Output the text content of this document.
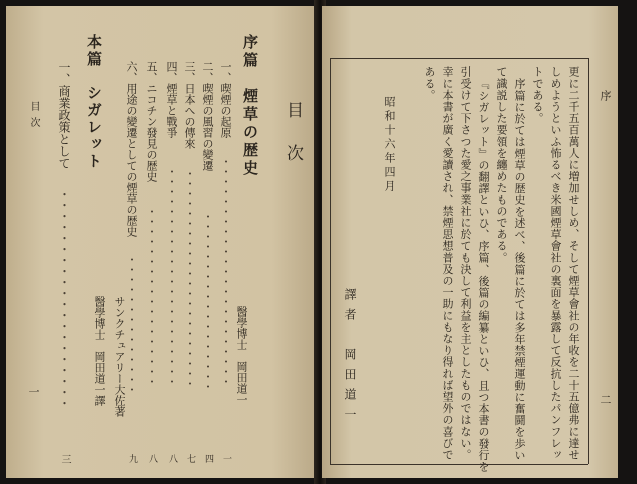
目次
一
本篇　シガレット
一、商業政策として
・・・・・・・・・・・・・・・・・・・・
三
サンクチュアリー大佐著
醫學博士　岡田道一譯
六、用途の變遷としての煙草の歴史 五、ニコチン發見の歴史 四、煙草と戰爭 三、日本への傳來 二、喫煙の風習の變遷 一、喫煙の起原
・・・・・・・・・・・・・・ ・・・・・・・・・・・・・・・・・・ ・・・・・・・・・・・・・・・・・・・・・・ ・・・・・・・・・・・・・・・・・・・・・・ ・・・・・・・・・・・・・・・・・・ ・・・・・・・・・・・・・・・・・・・・・・・
九 八 八 七 四 一
醫學博士　岡田道一
序篇　煙草の歴史 目次
序
二
更に二千五百萬人に増加せしめ、そして煙草會社の年收を二十五億弗に達せ
しめようといふ怖るべき米國煙草會社の裏面を暴露して反抗したパンフレッ
トである。
序篇に於ては煙草の歴史を述べ、後篇に於ては多年禁煙運動に奮鬪を歩い
て識説した要領を纏めたものである。
『シガレット』の翻譯といひ、序篇、後篇の編纂といひ、且つ本書の發行を
引受けて下さつた愛之事業社に於ても決して利益を主としたものではない。
幸に本書が廣く愛讀され、禁煙思想普及の一助にもなり得れば望外の喜びで
ある。
昭和十六年四月
譯者　岡田道一
